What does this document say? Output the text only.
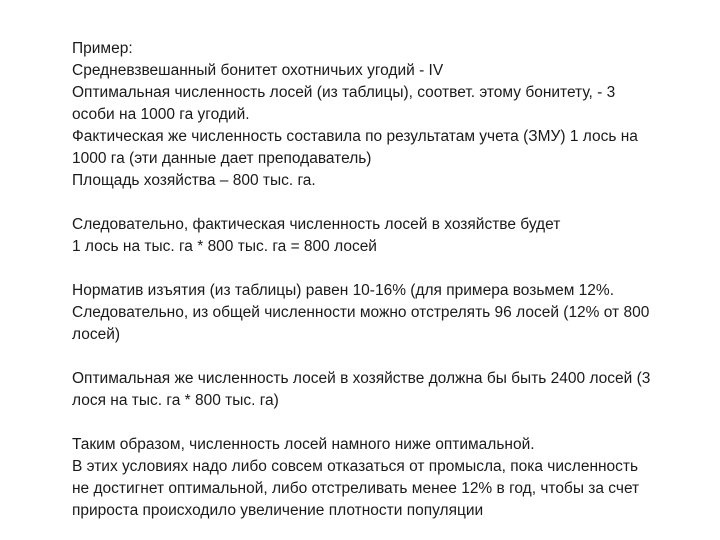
Пример:
Средневзвешанный бонитет охотничьих угодий - IV
Оптимальная численность лосей (из таблицы), соответ. этому бонитету, - 3
особи на 1000 га угодий.
Фактическая же численность составила по результатам учета (ЗМУ) 1 лось на
1000 га (эти данные дает преподаватель)
Площадь хозяйства – 800 тыс. га.

Следовательно, фактическая численность лосей в хозяйстве будет
1 лось на тыс. га * 800 тыс. га = 800 лосей

Норматив изъятия (из таблицы) равен 10-16% (для примера возьмем 12%.
Следовательно, из общей численности можно отстрелять 96 лосей (12% от 800
лосей)

Оптимальная же численность лосей в хозяйстве должна бы быть 2400 лосей (3
лося на тыс. га * 800 тыс. га)

Таким образом, численность лосей намного ниже оптимальной.
В этих условиях надо либо совсем отказаться от промысла, пока численность
не достигнет оптимальной, либо отстреливать менее 12% в год, чтобы за счет
прироста происходило увеличение плотности популяции
